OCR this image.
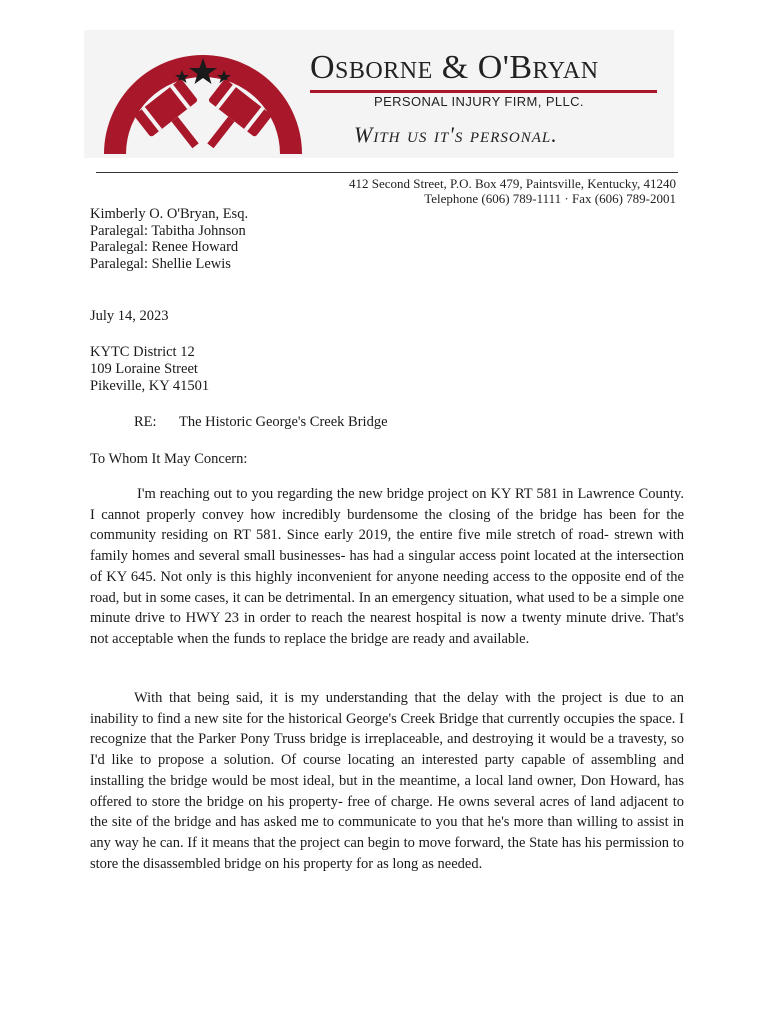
Osborne & O'Bryan
PERSONAL INJURY FIRM, PLLC.
With us it's personal.
412 Second Street, P.O. Box 479, Paintsville, Kentucky, 41240
Telephone (606) 789-1111 · Fax (606) 789-2001
Kimberly O. O'Bryan, Esq.
Paralegal: Tabitha Johnson
Paralegal: Renee Howard
Paralegal: Shellie Lewis
July 14, 2023
KYTC District 12
109 Loraine Street
Pikeville, KY 41501
RE: The Historic George's Creek Bridge
To Whom It May Concern:

I'm reaching out to you regarding the new bridge project on KY RT 581 in Lawrence County. I cannot properly convey how incredibly burdensome the closing of the bridge has been for the community residing on RT 581. Since early 2019, the entire five mile stretch of road- strewn with family homes and several small businesses- has had a singular access point located at the intersection of KY 645. Not only is this highly inconvenient for anyone needing access to the opposite end of the road, but in some cases, it can be detrimental. In an emergency situation, what used to be a simple one minute drive to HWY 23 in order to reach the nearest hospital is now a twenty minute drive. That's not acceptable when the funds to replace the bridge are ready and available.

With that being said, it is my understanding that the delay with the project is due to an inability to find a new site for the historical George's Creek Bridge that currently occupies the space. I recognize that the Parker Pony Truss bridge is irreplaceable, and destroying it would be a travesty, so I'd like to propose a solution. Of course locating an interested party capable of assembling and installing the bridge would be most ideal, but in the meantime, a local land owner, Don Howard, has offered to store the bridge on his property- free of charge. He owns several acres of land adjacent to the site of the bridge and has asked me to communicate to you that he's more than willing to assist in any way he can. If it means that the project can begin to move forward, the State has his permission to store the disassembled bridge on his property for as long as needed.
